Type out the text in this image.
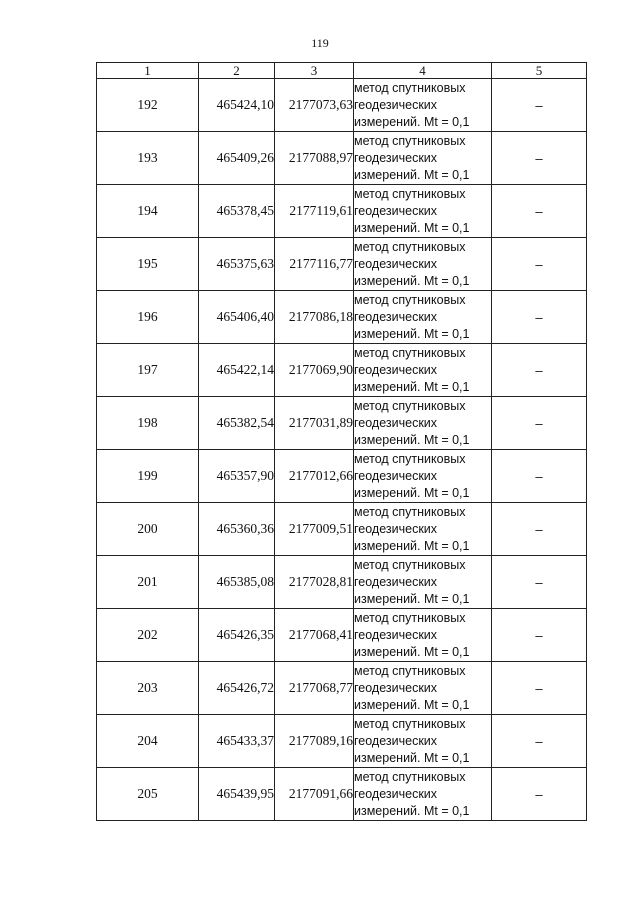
119
1	2	3	4	5
192	465424,10	2177073,63	метод спутниковых
геодезических
измерений. Mt = 0,1	–
193	465409,26	2177088,97	метод спутниковых
геодезических
измерений. Mt = 0,1	–
194	465378,45	2177119,61	метод спутниковых
геодезических
измерений. Mt = 0,1	–
195	465375,63	2177116,77	метод спутниковых
геодезических
измерений. Mt = 0,1	–
196	465406,40	2177086,18	метод спутниковых
геодезических
измерений. Mt = 0,1	–
197	465422,14	2177069,90	метод спутниковых
геодезических
измерений. Mt = 0,1	–
198	465382,54	2177031,89	метод спутниковых
геодезических
измерений. Mt = 0,1	–
199	465357,90	2177012,66	метод спутниковых
геодезических
измерений. Mt = 0,1	–
200	465360,36	2177009,51	метод спутниковых
геодезических
измерений. Mt = 0,1	–
201	465385,08	2177028,81	метод спутниковых
геодезических
измерений. Mt = 0,1	–
202	465426,35	2177068,41	метод спутниковых
геодезических
измерений. Mt = 0,1	–
203	465426,72	2177068,77	метод спутниковых
геодезических
измерений. Mt = 0,1	–
204	465433,37	2177089,16	метод спутниковых
геодезических
измерений. Mt = 0,1	–
205	465439,95	2177091,66	метод спутниковых
геодезических
измерений. Mt = 0,1	–
